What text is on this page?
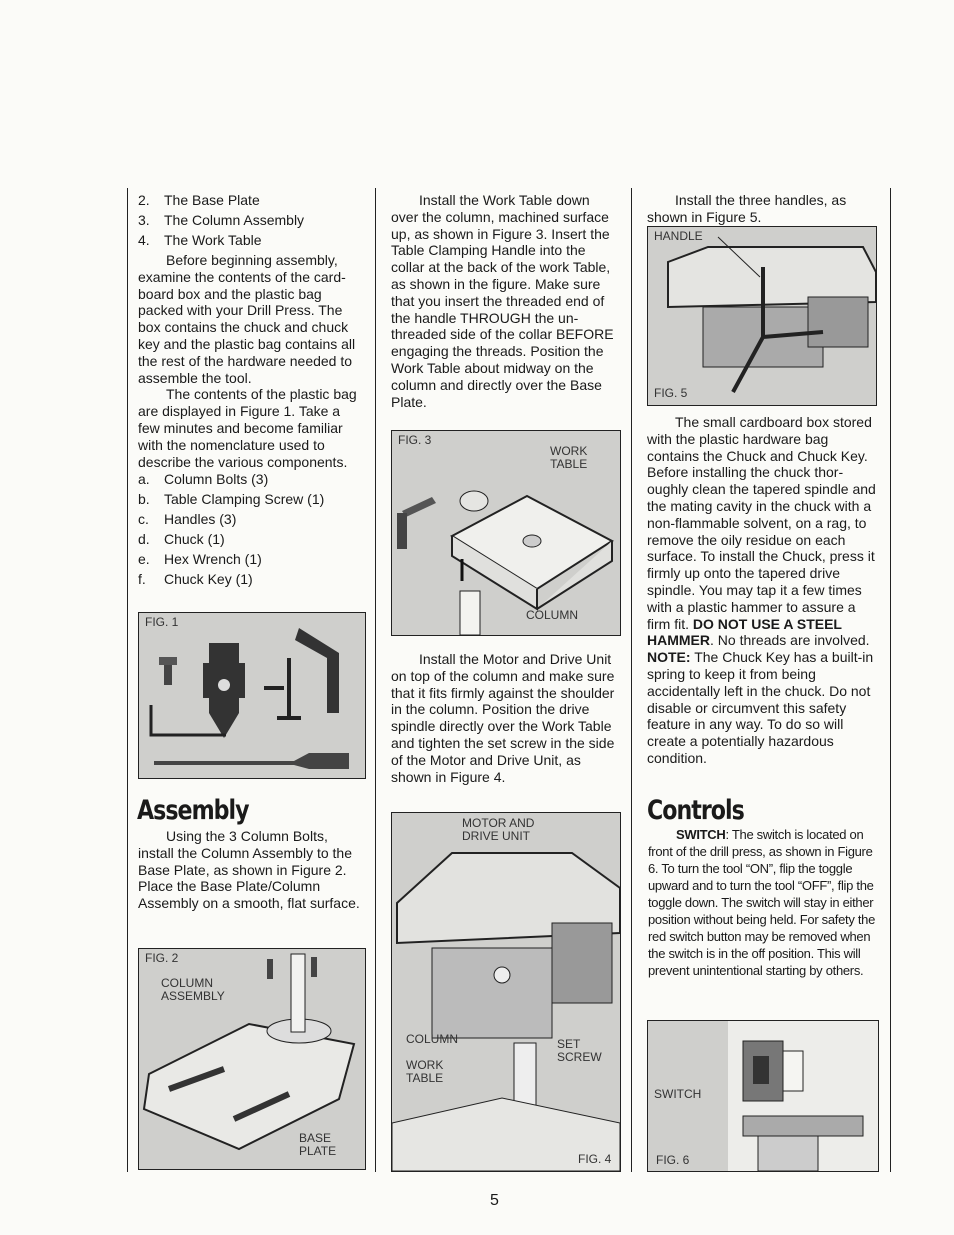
2.	The Base Plate
3.	The Column Assembly
4.	The Work Table

Before beginning assembly, examine the contents of the card-board box and the plastic bag packed with your Drill Press. The box contains the chuck and chuck key and the plastic bag contains all the rest of the hardware needed to assemble the tool.

The contents of the plastic bag are displayed in Figure 1. Take a few minutes and become familiar with the nomenclature used to describe the various components.

a.	Column Bolts (3)
b.	Table Clamping Screw (1)
c.	Handles (3)
d.	Chuck (1)
e.	Hex Wrench (1)
f.	Chuck Key (1)
FIG. 1
Assembly

Using the 3 Column Bolts, install the Column Assembly to the Base Plate, as shown in Figure 2. Place the Base Plate/Column Assembly on a smooth, flat surface.

FIG. 2
COLUMN
ASSEMBLY
BASE
PLATE

Install the Work Table down over the column, machined surface up, as shown in Figure 3. Insert the Table Clamping Handle into the collar at the back of the work Table, as shown in the figure. Make sure that you insert the threaded end of the handle THROUGH the un-threaded side of the collar BEFORE engaging the threads. Position the Work Table about midway on the column and directly over the Base Plate.

FIG. 3
WORK
TABLE
COLUMN

Install the Motor and Drive Unit on top of the column and make sure that it fits firmly against the shoulder in the column. Position the drive spindle directly over the Work Table and tighten the set screw in the side of the Motor and Drive Unit, as shown in Figure 4.

MOTOR AND
DRIVE UNIT
COLUMN	SET
SCREW
WORK
TABLE
FIG. 4

Install the three handles, as shown in Figure 5.

HANDLE
FIG. 5

The small cardboard box stored with the plastic hardware bag contains the Chuck and Chuck Key. Before installing the chuck thor-oughly clean the tapered spindle and the mating cavity in the chuck with a non-flammable solvent, on a rag, to remove the oily residue on each surface. To install the Chuck, press it firmly up onto the tapered drive spindle. You may tap it a few times with a plastic hammer to assure a firm fit. DO NOT USE A STEEL HAMMER. No threads are involved. NOTE: The Chuck Key has a built-in spring to keep it from being accidentally left in the chuck. Do not disable or circumvent this safety feature in any way. To do so will create a potentially hazardous condition.

Controls

SWITCH: The switch is located on front of the drill press, as shown in Figure 6. To turn the tool “ON”, flip the toggle upward and to turn the tool “OFF”, flip the toggle down. The switch will stay in either position without being held. For safety the red switch button may be removed when the switch is in the off position. This will prevent unintentional starting by others.

SWITCH
FIG. 6
5
